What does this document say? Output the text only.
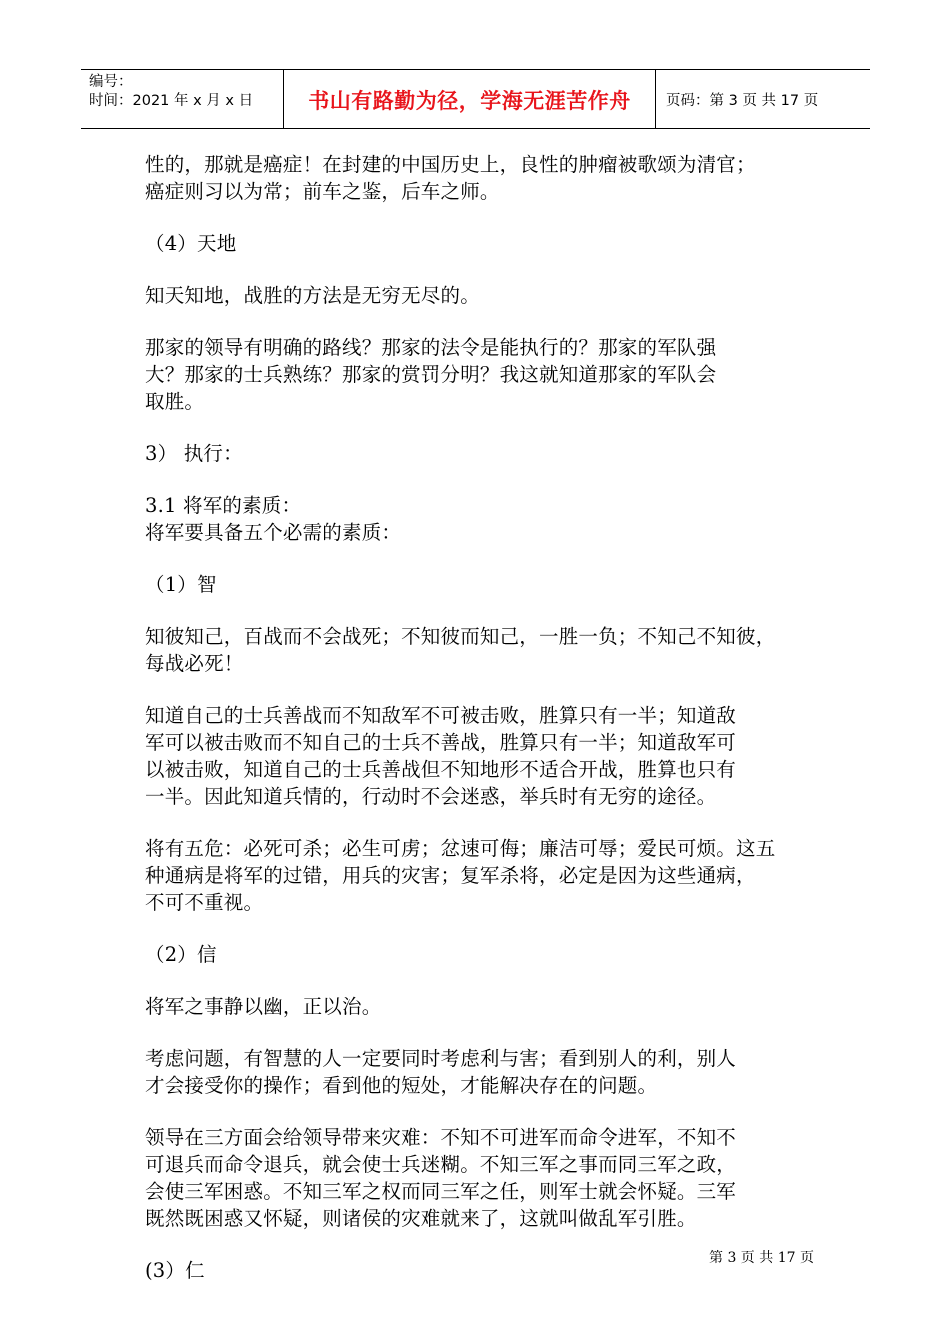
编号：
时间：2021 年 x 月 x 日	书山有路勤为径，学海无涯苦作舟	页码：第 3 页 共 17 页

性的，那就是癌症！在封建的中国历史上，良性的肿瘤被歌颂为清官；

癌症则习以为常；前车之鉴，后车之师。

（4）天地

知天知地，战胜的方法是无穷无尽的。

那家的领导有明确的路线？那家的法令是能执行的？那家的军队强

大？那家的士兵熟练？那家的赏罚分明？我这就知道那家的军队会

取胜。

3） 执行：

3.1 将军的素质：

将军要具备五个必需的素质：

（1）智

知彼知己，百战而不会战死；不知彼而知己，一胜一负；不知己不知彼，

每战必死！

知道自己的士兵善战而不知敌军不可被击败，胜算只有一半；知道敌

军可以被击败而不知自己的士兵不善战，胜算只有一半；知道敌军可

以被击败，知道自己的士兵善战但不知地形不适合开战，胜算也只有

一半。因此知道兵情的，行动时不会迷惑，举兵时有无穷的途径。

将有五危：必死可杀；必生可虏；忿速可侮；廉洁可辱；爱民可烦。这五

种通病是将军的过错，用兵的灾害；复军杀将，必定是因为这些通病，

不可不重视。

（2）信

将军之事静以幽，正以治。

考虑问题，有智慧的人一定要同时考虑利与害；看到别人的利，别人

才会接受你的操作；看到他的短处，才能解决存在的问题。

领导在三方面会给领导带来灾难：不知不可进军而命令进军，不知不

可退兵而命令退兵，就会使士兵迷糊。不知三军之事而同三军之政，

会使三军困惑。不知三军之权而同三军之任，则军士就会怀疑。三军

既然既困惑又怀疑，则诸侯的灾难就来了，这就叫做乱军引胜。

(3）仁

第 3 页 共 17 页
